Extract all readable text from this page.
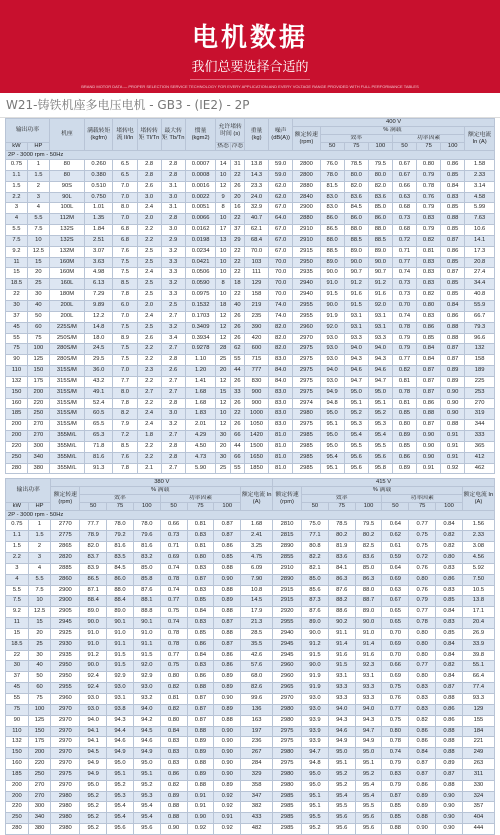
电机数据
我们总要选择合适的
BRAND MOTOR DATA — PROPER SELECTION SERVICE TECHNOLOGY FOR EVERY APPLICATION AND EVERY VOLTAGE RANGE PROVIDED WITH FULL PERFORMANCE TABLES
W21-铸铁机座多电压电机 - GB3 - (IE2) - 2P
输出功率		机座	满载转矩 (kgfm)	堵转电流 Il/In	堵转转矩 Tl/Tn	最大转矩 Tb/Tn	惯量 (kgm2)	允许堵转时间 (s)		重量 (kg)	噪声 (dB(A))	400 V							
												额定转速 (rpm)	% 满载						额定电流 In (A)
													效率			功率因素			
kW	HP							热态	冷态				50	75	100	50	75	100	
2P - 3000 rpm - 50Hz																			
0.75	1	80	0.260	6.5	2.8	2.8	0.0007	14	31	13.8	59.0	2800	76.0	78.5	79.5	0.67	0.80	0.86	1.58
1.1	1.5	80	0.380	6.5	2.8	2.8	0.0008	10	22	14.3	59.0	2800	78.0	80.0	80.0	0.67	0.79	0.85	2.33
1.5	2	90S	0.510	7.0	2.6	3.1	0.0016	12	26	23.3	62.0	2880	81.5	82.0	82.0	0.66	0.78	0.84	3.14
2.2	3	90L	0.750	7.0	3.0	3.0	0.0022	9	20	24.0	62.0	2840	83.0	83.6	83.6	0.63	0.76	0.83	4.58
3	4	100L	1.01	8.0	2.4	3.1	0.0051	8	16	32.9	67.0	2900	83.0	84.5	85.0	0.68	0.79	0.85	5.99
4	5.5	112M	1.35	7.0	2.0	2.8	0.0066	10	22	40.7	64.0	2880	86.0	86.0	86.0	0.73	0.83	0.88	7.63
5.5	7.5	132S	1.84	6.8	2.2	3.0	0.0162	17	37	62.1	67.0	2910	86.5	88.0	88.0	0.68	0.79	0.85	10.6
7.5	10	132S	2.51	6.8	2.2	2.9	0.0198	13	29	68.4	67.0	2910	88.0	88.5	88.5	0.72	0.82	0.87	14.1
9.2	12.5	132M	3.07	7.6	2.5	3.2	0.0234	10	22	70.0	67.0	2915	88.5	89.0	89.0	0.71	0.81	0.86	17.3
11	15	160M	3.63	7.5	2.5	3.3	0.0421	10	22	103	70.0	2950	89.0	90.0	90.0	0.77	0.83	0.85	20.8
15	20	160M	4.98	7.5	2.4	3.3	0.0506	10	22	111	70.0	2935	90.0	90.7	90.7	0.74	0.83	0.87	27.4
18.5	25	160L	6.13	8.5	2.5	3.2	0.0590	8	18	129	70.0	2940	91.0	91.2	91.2	0.73	0.83	0.85	34.4
22	30	180M	7.29	7.8	2.5	3.3	0.0975	10	22	158	70.0	2940	91.5	91.6	91.6	0.73	0.82	0.85	40.8
30	40	200L	9.89	6.0	2.0	2.5	0.1532	18	40	219	74.0	2955	90.0	91.5	92.0	0.70	0.80	0.84	55.9
37	50	200L	12.2	7.0	2.4	2.7	0.1703	12	26	235	74.0	2955	91.9	93.1	93.1	0.74	0.83	0.86	66.7
45	60	225S/M	14.8	7.5	2.5	3.2	0.3409	12	26	390	82.0	2960	92.0	93.1	93.1	0.78	0.86	0.88	79.3
55	75	250S/M	18.0	8.9	2.6	3.4	0.3934	12	26	420	82.0	2970	93.0	93.3	93.3	0.79	0.85	0.88	96.6
75	100	280S/M	24.5	7.5	2.2	2.7	0.9278	28	62	600	82.0	2975	93.0	94.0	94.0	0.79	0.84	0.87	132
90	125	280S/M	29.5	7.5	2.2	2.8	1.10	25	55	715	83.0	2975	93.0	94.3	94.3	0.77	0.84	0.87	158
110	150	315S/M	36.0	7.0	2.3	2.6	1.20	20	44	777	84.0	2975	94.0	94.6	94.6	0.82	0.87	0.89	189
132	175	315S/M	43.2	7.7	2.2	2.7	1.41	12	26	830	84.0	2975	93.0	94.7	94.7	0.81	0.87	0.89	225
150	200	315S/M	49.1	8.0	2.7	2.7	1.68	15	33	900	83.0	2975	94.9	95.0	95.0	0.78	0.87	0.90	253
160	220	315S/M	52.4	7.8	2.2	2.8	1.68	12	26	900	83.0	2974	94.8	95.1	95.1	0.81	0.86	0.90	270
185	250	315S/M	60.5	8.2	2.4	3.0	1.83	10	22	1000	83.0	2980	95.0	95.2	95.2	0.85	0.88	0.90	319
200	270	315S/M	65.5	7.9	2.4	3.2	2.01	12	26	1050	83.0	2975	95.1	95.3	95.3	0.80	0.87	0.88	344
200	270	355M/L	65.3	7.2	1.8	2.7	4.29	30	66	1420	81.0	2985	95.0	95.4	95.4	0.89	0.90	0.91	333
220	300	355M/L	71.8	8.5	2.2	2.8	4.50	20	44	1500	81.0	2985	95.0	95.5	95.5	0.85	0.90	0.91	365
250	340	355M/L	81.6	7.6	2.2	2.8	4.73	30	66	1650	81.0	2985	95.4	95.6	95.6	0.86	0.90	0.91	412
280	380	355M/L	91.3	7.8	2.1	2.7	5.90	25	55	1850	81.0	2985	95.1	95.6	95.8	0.89	0.91	0.92	462
输出功率		380 V								415 V							
		额定转速 (rpm)	% 满载						额定电流 In (A)	额定转速 (rpm)	% 满载						额定电流 In (A)
			效率			功率因素					效率			功率因素			
kW	HP		50	75	100	50	75	100			50	75	100	50	75	100	
2P - 3000 rpm - 50Hz																	
0.75	1	2770	77.7	78.0	78.0	0.66	0.81	0.87	1.68	2810	75.0	78.5	79.5	0.64	0.77	0.84	1.56
1.1	1.5	2775	78.9	79.2	79.6	0.73	0.83	0.87	2.41	2815	77.1	80.2	80.2	0.62	0.75	0.82	2.33
1.5	2	2865	82.0	81.6	81.6	0.71	0.81	0.86	3.25	2890	80.8	81.9	82.5	0.61	0.75	0.82	3.08
2.2	3	2820	83.7	83.5	83.2	0.69	0.80	0.85	4.75	2855	82.2	83.6	83.6	0.59	0.72	0.80	4.56
3	4	2885	83.9	84.5	85.0	0.74	0.83	0.88	6.09	2910	82.1	84.1	85.0	0.64	0.76	0.83	5.92
4	5.5	2860	86.5	86.0	85.8	0.78	0.87	0.90	7.90	2890	85.0	86.3	86.3	0.69	0.80	0.86	7.50
5.5	7.5	2900	87.1	88.0	87.6	0.74	0.83	0.88	10.8	2915	85.6	87.6	88.0	0.63	0.76	0.83	10.5
7.5	10	2900	88.4	88.4	88.1	0.77	0.85	0.89	14.5	2915	87.3	88.2	88.7	0.67	0.79	0.85	13.8
9.2	12.5	2905	89.0	89.0	88.8	0.75	0.84	0.88	17.9	2920	87.6	88.6	89.0	0.65	0.77	0.84	17.1
11	15	2945	90.0	90.1	90.1	0.74	0.83	0.87	21.3	2955	89.0	90.2	90.0	0.65	0.78	0.83	20.4
15	20	2925	91.0	91.0	91.0	0.78	0.85	0.88	28.5	2940	90.0	91.1	91.0	0.70	0.80	0.85	26.9
18.5	25	2930	91.0	91.1	91.1	0.78	0.86	0.87	35.5	2945	91.2	91.4	91.4	0.69	0.80	0.84	33.9
22	30	2935	91.2	91.5	91.5	0.77	0.84	0.86	42.6	2945	91.5	91.6	91.6	0.70	0.80	0.84	39.8
30	40	2950	90.0	91.5	92.0	0.75	0.83	0.86	57.6	2960	90.0	91.5	92.3	0.66	0.77	0.82	55.1
37	50	2950	92.4	92.9	92.9	0.80	0.86	0.89	68.0	2960	91.9	93.1	93.1	0.69	0.80	0.84	66.4
45	60	2955	92.4	93.0	93.0	0.82	0.88	0.89	82.6	2965	91.9	93.3	93.3	0.75	0.83	0.87	77.4
55	75	2960	93.0	93.1	93.2	0.81	0.87	0.90	99.6	2970	93.0	93.3	93.3	0.76	0.83	0.88	93.3
75	100	2970	93.0	93.8	94.0	0.82	0.87	0.89	136	2980	93.0	94.0	94.0	0.77	0.83	0.86	129
90	125	2970	94.0	94.3	94.2	0.80	0.87	0.88	163	2980	93.9	94.3	94.3	0.75	0.82	0.86	155
110	150	2970	94.1	94.4	94.5	0.84	0.88	0.90	197	2975	93.9	94.6	94.7	0.80	0.86	0.88	184
132	175	2970	94.1	94.6	94.6	0.83	0.89	0.90	236	2975	93.9	94.9	94.9	0.78	0.86	0.88	221
150	200	2970	94.5	94.9	94.9	0.83	0.89	0.90	267	2980	94.7	95.0	95.0	0.74	0.84	0.88	249
160	220	2970	94.9	95.0	95.0	0.83	0.88	0.90	284	2975	94.8	95.1	95.1	0.79	0.87	0.89	263
185	250	2975	94.9	95.1	95.1	0.86	0.89	0.90	329	2980	95.0	95.2	95.2	0.83	0.87	0.87	311
200	270	2970	95.0	95.2	95.2	0.82	0.88	0.89	358	2980	95.0	95.2	95.4	0.79	0.86	0.88	330
200	270	2980	95.2	95.3	95.3	0.89	0.91	0.92	347	2985	95.1	95.4	95.4	0.87	0.89	0.90	324
220	300	2980	95.2	95.4	95.4	0.88	0.91	0.92	382	2985	95.1	95.5	95.5	0.85	0.89	0.90	357
250	340	2980	95.2	95.4	95.4	0.88	0.90	0.91	433	2985	95.5	95.6	95.6	0.85	0.88	0.90	404
280	380	2980	95.2	95.6	95.6	0.90	0.92	0.92	482	2985	95.2	95.6	95.6	0.88	0.90	0.90	444
